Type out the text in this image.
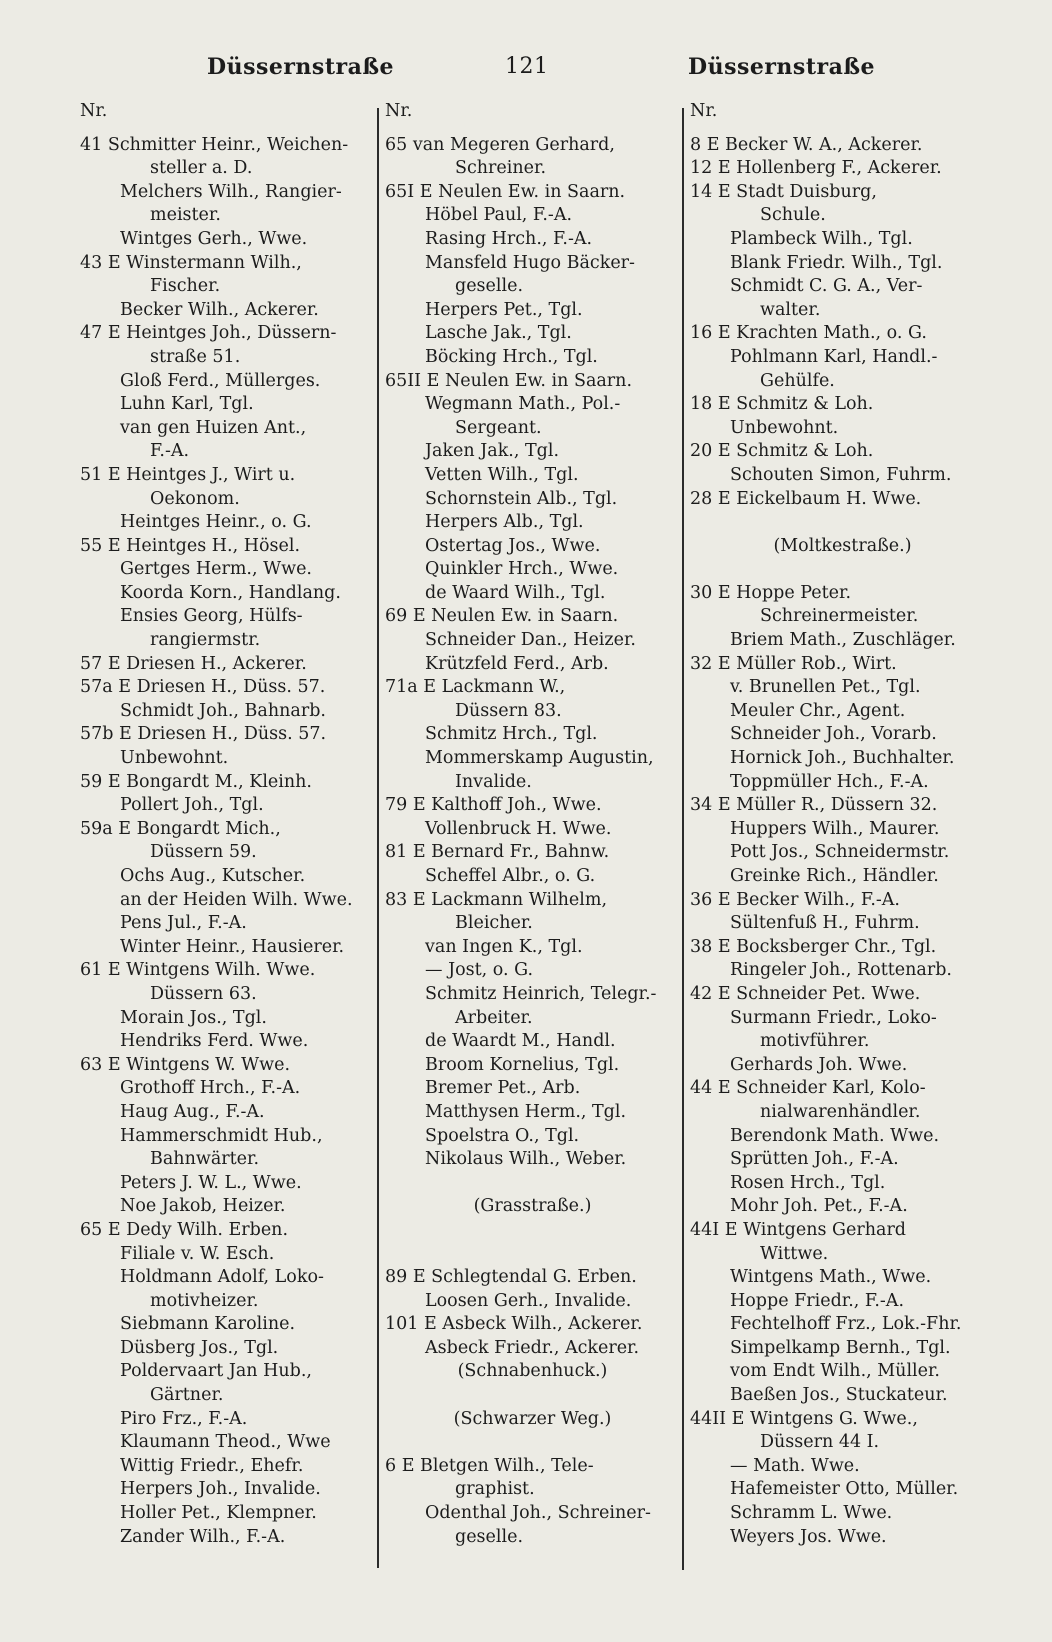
Düssernstraße	121	Düssernstraße
Nr.
41 Schmitter Heinr., Weichen-
steller a. D.
Melchers Wilh., Rangier-
meister.
Wintges Gerh., Wwe.
43 E Winstermann Wilh.,
Fischer.
Becker Wilh., Ackerer.
47 E Heintges Joh., Düssern-
straße 51.
Gloß Ferd., Müllerges.
Luhn Karl, Tgl.
van gen Huizen Ant.,
F.-A.
51 E Heintges J., Wirt u.
Oekonom.
Heintges Heinr., o. G.
55 E Heintges H., Hösel.
Gertges Herm., Wwe.
Koorda Korn., Handlang.
Ensies Georg, Hülfs-
rangiermstr.
57 E Driesen H., Ackerer.
57a E Driesen H., Düss. 57.
Schmidt Joh., Bahnarb.
57b E Driesen H., Düss. 57.
Unbewohnt.
59 E Bongardt M., Kleinh.
Pollert Joh., Tgl.
59a E Bongardt Mich.,
Düssern 59.
Ochs Aug., Kutscher.
an der Heiden Wilh. Wwe.
Pens Jul., F.-A.
Winter Heinr., Hausierer.
61 E Wintgens Wilh. Wwe.
Düssern 63.
Morain Jos., Tgl.
Hendriks Ferd. Wwe.
63 E Wintgens W. Wwe.
Grothoff Hrch., F.-A.
Haug Aug., F.-A.
Hammerschmidt Hub.,
Bahnwärter.
Peters J. W. L., Wwe.
Noe Jakob, Heizer.
65 E Dedy Wilh. Erben.
Filiale v. W. Esch.
Holdmann Adolf, Loko-
motivheizer.
Siebmann Karoline.
Düsberg Jos., Tgl.
Poldervaart Jan Hub.,
Gärtner.
Piro Frz., F.-A.
Klaumann Theod., Wwe
Wittig Friedr., Ehefr.
Herpers Joh., Invalide.
Holler Pet., Klempner.
Zander Wilh., F.-A.
Nr.
65 van Megeren Gerhard,
Schreiner.
65I E Neulen Ew. in Saarn.
Höbel Paul, F.-A.
Rasing Hrch., F.-A.
Mansfeld Hugo Bäcker-
geselle.
Herpers Pet., Tgl.
Lasche Jak., Tgl.
Böcking Hrch., Tgl.
65II E Neulen Ew. in Saarn.
Wegmann Math., Pol.-
Sergeant.
Jaken Jak., Tgl.
Vetten Wilh., Tgl.
Schornstein Alb., Tgl.
Herpers Alb., Tgl.
Ostertag Jos., Wwe.
Quinkler Hrch., Wwe.
de Waard Wilh., Tgl.
69 E Neulen Ew. in Saarn.
Schneider Dan., Heizer.
Krützfeld Ferd., Arb.
71a E Lackmann W.,
Düssern 83.
Schmitz Hrch., Tgl.
Mommerskamp Augustin,
Invalide.
79 E Kalthoff Joh., Wwe.
Vollenbruck H. Wwe.
81 E Bernard Fr., Bahnw.
Scheffel Albr., o. G.
83 E Lackmann Wilhelm,
Bleicher.
van Ingen K., Tgl.
— Jost, o. G.
Schmitz Heinrich, Telegr.-
Arbeiter.
de Waardt M., Handl.
Broom Kornelius, Tgl.
Bremer Pet., Arb.
Matthysen Herm., Tgl.
Spoelstra O., Tgl.
Nikolaus Wilh., Weber.
(Grasstraße.)
89 E Schlegtendal G. Erben.
Loosen Gerh., Invalide.
101 E Asbeck Wilh., Ackerer.
Asbeck Friedr., Ackerer.
(Schnabenhuck.)
(Schwarzer Weg.)
6 E Bletgen Wilh., Tele-
graphist.
Odenthal Joh., Schreiner-
geselle.
Nr.
8 E Becker W. A., Ackerer.
12 E Hollenberg F., Ackerer.
14 E Stadt Duisburg,
Schule.
Plambeck Wilh., Tgl.
Blank Friedr. Wilh., Tgl.
Schmidt C. G. A., Ver-
walter.
16 E Krachten Math., o. G.
Pohlmann Karl, Handl.-
Gehülfe.
18 E Schmitz & Loh.
Unbewohnt.
20 E Schmitz & Loh.
Schouten Simon, Fuhrm.
28 E Eickelbaum H. Wwe.
(Moltkestraße.)
30 E Hoppe Peter.
Schreinermeister.
Briem Math., Zuschläger.
32 E Müller Rob., Wirt.
v. Brunellen Pet., Tgl.
Meuler Chr., Agent.
Schneider Joh., Vorarb.
Hornick Joh., Buchhalter.
Toppmüller Hch., F.-A.
34 E Müller R., Düssern 32.
Huppers Wilh., Maurer.
Pott Jos., Schneidermstr.
Greinke Rich., Händler.
36 E Becker Wilh., F.-A.
Sültenfuß H., Fuhrm.
38 E Bocksberger Chr., Tgl.
Ringeler Joh., Rottenarb.
42 E Schneider Pet. Wwe.
Surmann Friedr., Loko-
motivführer.
Gerhards Joh. Wwe.
44 E Schneider Karl, Kolo-
nialwarenhändler.
Berendonk Math. Wwe.
Sprütten Joh., F.-A.
Rosen Hrch., Tgl.
Mohr Joh. Pet., F.-A.
44I E Wintgens Gerhard
Wittwe.
Wintgens Math., Wwe.
Hoppe Friedr., F.-A.
Fechtelhoff Frz., Lok.-Fhr.
Simpelkamp Bernh., Tgl.
vom Endt Wilh., Müller.
Baeßen Jos., Stuckateur.
44II E Wintgens G. Wwe.,
Düssern 44 I.
— Math. Wwe.
Hafemeister Otto, Müller.
Schramm L. Wwe.
Weyers Jos. Wwe.
